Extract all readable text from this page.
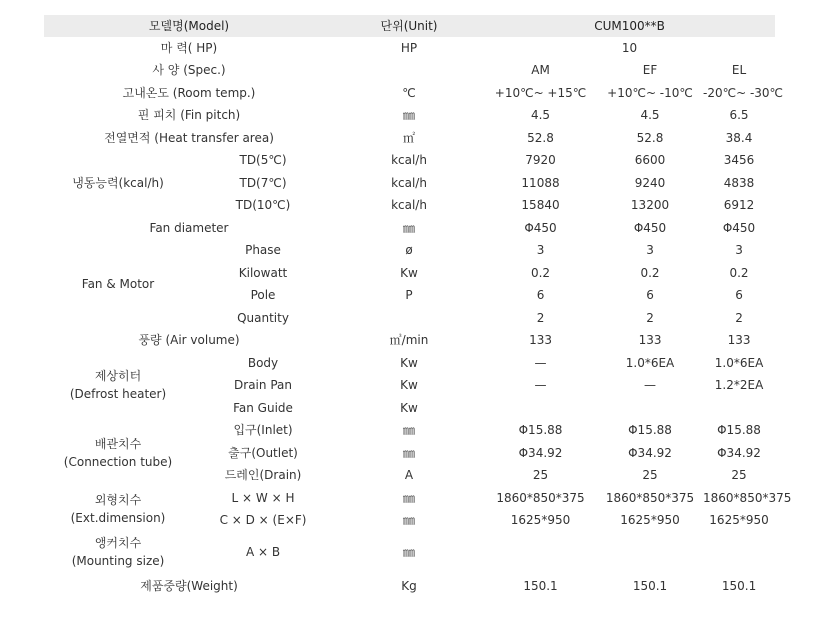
모델명(Model)		단위(Unit)	CUM100**B		
마 력( HP)		HP	10		
사 양 (Spec.)			AM	EF	EL
고내온도 (Room temp.)		℃	+10℃~ +15℃	+10℃~ -10℃	-20℃~ -30℃
핀 피치 (Fin pitch)		㎜	4.5	4.5	6.5
전열면적 (Heat transfer area)		㎡	52.8	52.8	38.4
냉동능력(kcal/h)	TD(5℃)	kcal/h	7920	6600	3456
	TD(7℃)	kcal/h	11088	9240	4838
	TD(10℃)	kcal/h	15840	13200	6912
Fan diameter		㎜	Φ450	Φ450	Φ450
Fan & Motor	Phase	ø	3	3	3
	Kilowatt	Kw	0.2	0.2	0.2
	Pole	P	6	6	6
	Quantity		2	2	2
풍량 (Air volume)		㎥/min	133	133	133

제상히터
(Defrost heater)	Body	Kw	—	1.0*6EA	1.0*6EA
	Drain Pan	Kw	—	—	1.2*2EA
	Fan Guide	Kw			

배관치수
(Connection tube)	입구(Inlet)	㎜	Φ15.88	Φ15.88	Φ15.88
	출구(Outlet)	㎜	Φ34.92	Φ34.92	Φ34.92
	드레인(Drain)	A	25	25	25

외형치수
(Ext.dimension)	L × W × H	㎜	1860*850*375	1860*850*375	1860*850*375
	C × D × (E×F)	㎜	1625*950	1625*950	1625*950

앵커치수
(Mounting size)	A × B	㎜			
제품중량(Weight)		Kg	150.1	150.1	150.1
